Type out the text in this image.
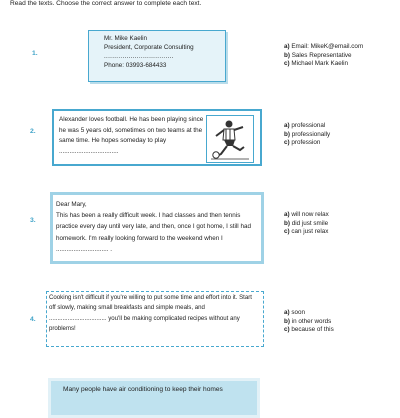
Read the texts. Choose the correct answer to complete each text.
1.
Mr. Mike Kaelin
President, Corporate Consulting
..................................
Phone: 03993-684433
a) Email: MikeK@email.com
b) Sales Representative
c) Michael Mark Kaelin
2.
Alexander loves football. He has been playing since he was 5 years old, sometimes on two teams at the same time. He hopes someday to play ..................................
a) professional
b) professionally
c) profession
3.
Dear Mary,
This has been a really difficult week. I had classes and then tennis practice every day until very late, and then, once I got home, I still had homework. I'm really looking forward to the weekend when I .............................. .
a) will now relax
b) did just smile
c) can just relax
4.
Cooking isn't difficult if you're willing to put some time and effort into it. Start off slowly, making small breakfasts and simple meals, and .................................. you'll be making complicated recipes without any problems!
a) soon
b) in other words
c) because of this
Many people have air conditioning to keep their homes
